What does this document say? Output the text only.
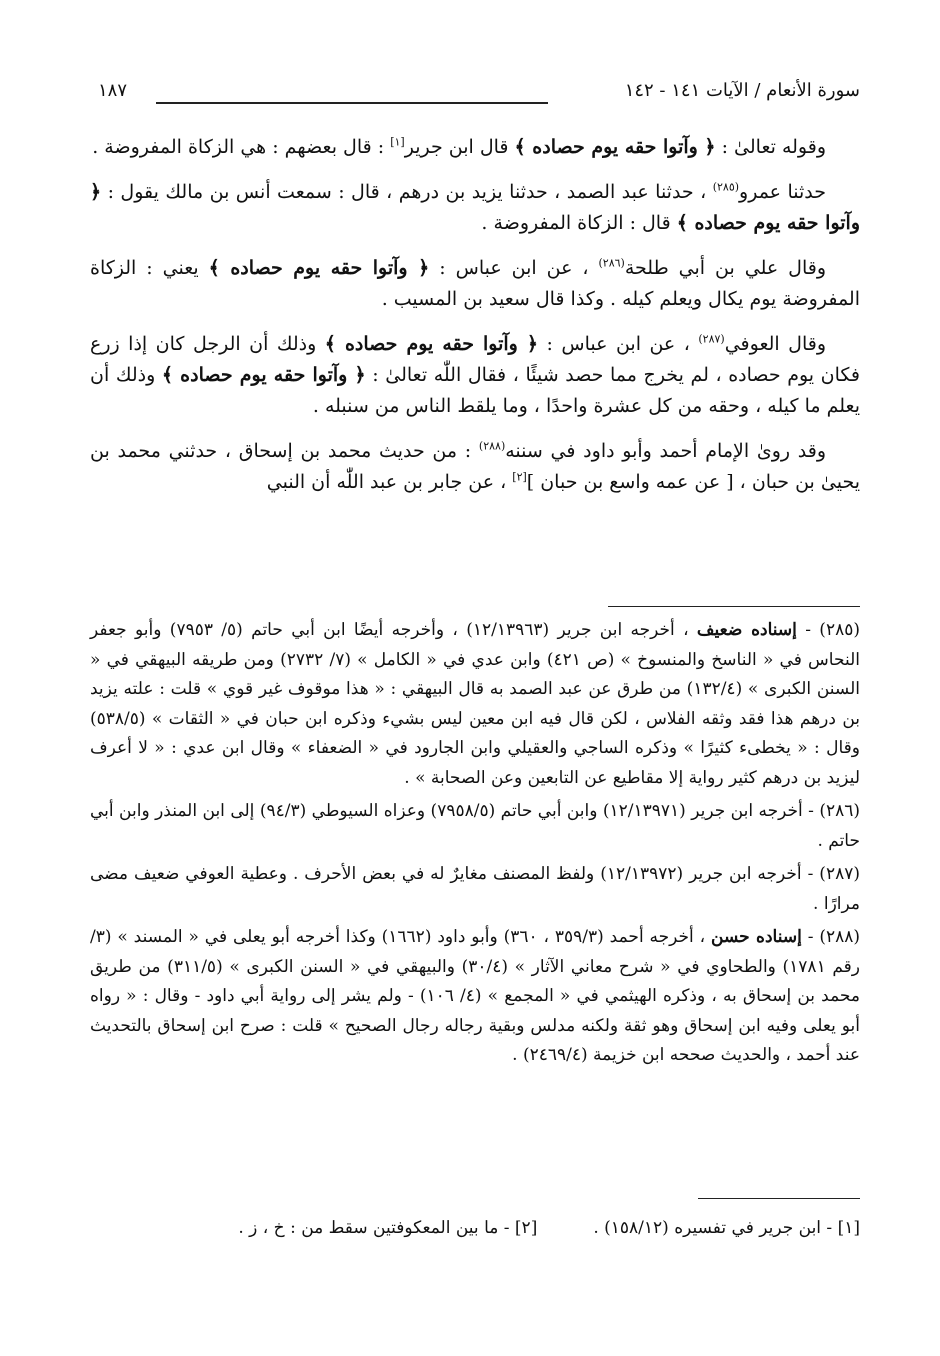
سورة الأنعام / الآيات ١٤١ - ١٤٢
١٨٧

وقوله تعالىٰ : ﴿ وآتوا حقه يوم حصاده ﴾ قال ابن جرير[١] : قال بعضهم : هي الزكاة المفروضة .

حدثنا عمرو$^{(٢٨٥)}$ ، حدثنا عبد الصمد ، حدثنا يزيد بن درهم ، قال : سمعت أنس بن مالك يقول : ﴿ وآتوا حقه يوم حصاده ﴾ قال : الزكاة المفروضة .

وقال علي بن أبي طلحة$^{(٢٨٦)}$ ، عن ابن عباس : ﴿ وآتوا حقه يوم حصاده ﴾ يعني : الزكاة المفروضة يوم يكال ويعلم كيله . وكذا قال سعيد بن المسيب .

وقال العوفي$^{(٢٨٧)}$ ، عن ابن عباس : ﴿ وآتوا حقه يوم حصاده ﴾ وذلك أن الرجل كان إذا زرع فكان يوم حصاده ، لم يخرج مما حصد شيئًا ، فقال اللّٰه تعالىٰ : ﴿ وآتوا حقه يوم حصاده ﴾ وذلك أن يعلم ما كيله ، وحقه من كل عشرة واحدًا ، وما يلقط الناس من سنبله .

وقد روىٰ الإمام أحمد وأبو داود في سننه$^{(٢٨٨)}$ : من حديث محمد بن إسحاق ، حدثني محمد بن يحيىٰ بن حبان ، [ عن عمه واسع بن حبان ][٢] ، عن جابر بن عبد اللّٰه أن النبي

(٢٨٥) - إسناده ضعيف ، أخرجه ابن جرير (١٢/١٣٩٦٣) ، وأخرجه أيضًا ابن أبي حاتم (٥/ ٧٩٥٣) وأبو جعفر النحاس في « الناسخ والمنسوخ » (ص ٤٢١) وابن عدي في « الكامل » (٧/ ٢٧٣٢) ومن طريقه البيهقي في « السنن الكبرى » (١٣٢/٤) من طرق عن عبد الصمد به قال البيهقي : « هذا موقوف غير قوي » قلت : علته يزيد بن درهم هذا فقد وثقه الفلاس ، لكن قال فيه ابن معين ليس بشيء وذكره ابن حبان في « الثقات » (٥٣٨/٥) وقال : « يخطىء كثيرًا » وذكره الساجي والعقيلي وابن الجارود في « الضعفاء » وقال ابن عدي : « لا أعرف ليزيد بن درهم كثير رواية إلا مقاطيع عن التابعين وعن الصحابة » .

(٢٨٦) - أخرجه ابن جرير (١٢/١٣٩٧١) وابن أبي حاتم (٧٩٥٨/٥) وعزاه السيوطي (٩٤/٣) إلى ابن المنذر وابن أبي حاتم .

(٢٨٧) - أخرجه ابن جرير (١٢/١٣٩٧٢) ولفظ المصنف مغايرٌ له في بعض الأحرف . وعطية العوفي ضعيف مضى مرارًا .

(٢٨٨) - إسناده حسن ، أخرجه أحمد (٣٥٩/٣ ، ٣٦٠) وأبو داود (١٦٦٢) وكذا أخرجه أبو يعلى في « المسند » (٣/رقم ١٧٨١) والطحاوي في « شرح معاني الآثار » (٣٠/٤) والبيهقي في « السنن الكبرى » (٣١١/٥) من طريق محمد بن إسحاق به ، وذكره الهيثمي في « المجمع » (٤/ ١٠٦) - ولم يشر إلى رواية أبي داود - وقال : « رواه أبو يعلى وفيه ابن إسحاق وهو ثقة ولكنه مدلس وبقية رجاله رجال الصحيح » قلت : صرح ابن إسحاق بالتحديث عند أحمد ، والحديث صححه ابن خزيمة (٢٤٦٩/٤) .

[١] - ابن جرير في تفسيره (١٥٨/١٢) .[٢] - ما بين المعكوفتين سقط من : خ ، ز .
